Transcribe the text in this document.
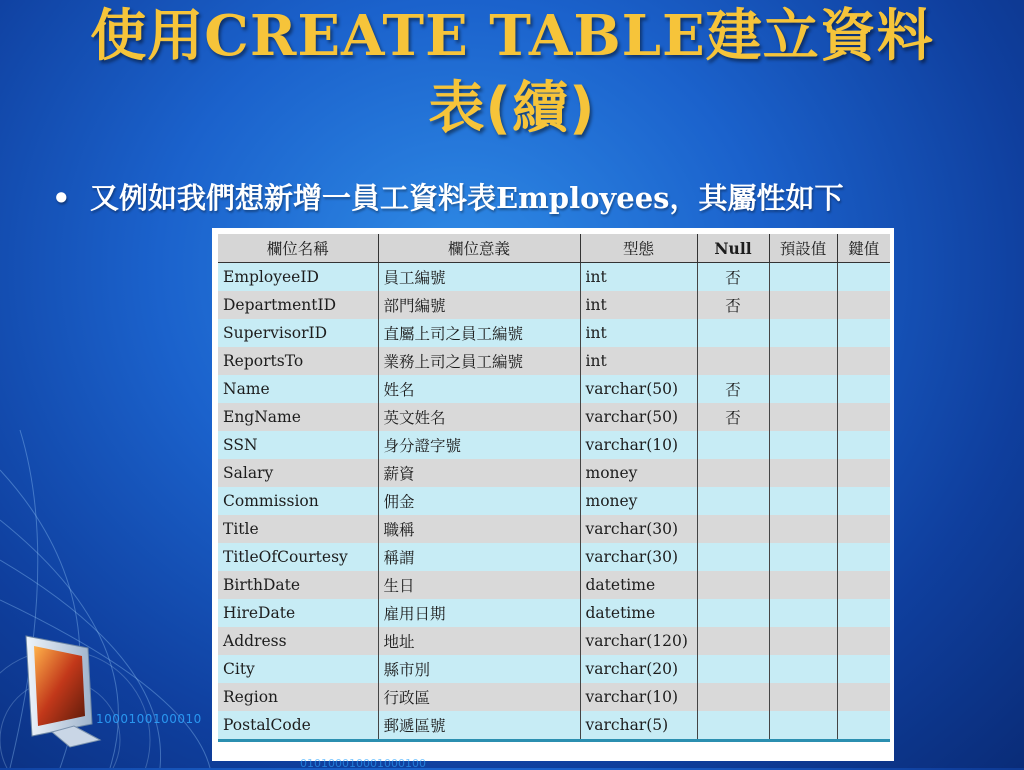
使用CREATE TABLE建立資料
表(續)
• 又例如我們想新增一員工資料表Employees，其屬性如下
欄位名稱	欄位意義	型態	Null	預設值	鍵值
EmployeeID	員工編號	int	否		
DepartmentID	部門編號	int	否		
SupervisorID	直屬上司之員工編號	int			
ReportsTo	業務上司之員工編號	int			
Name	姓名	varchar(50)	否		
EngName	英文姓名	varchar(50)	否		
SSN	身分證字號	varchar(10)			
Salary	薪資	money			
Commission	佣金	money			
Title	職稱	varchar(30)			
TitleOfCourtesy	稱謂	varchar(30)			
BirthDate	生日	datetime			
HireDate	雇用日期	datetime			
Address	地址	varchar(120)			
City	縣市別	varchar(20)			
Region	行政區	varchar(10)			
PostalCode	郵遞區號	varchar(5)			
1000100100010
010100010001000100
